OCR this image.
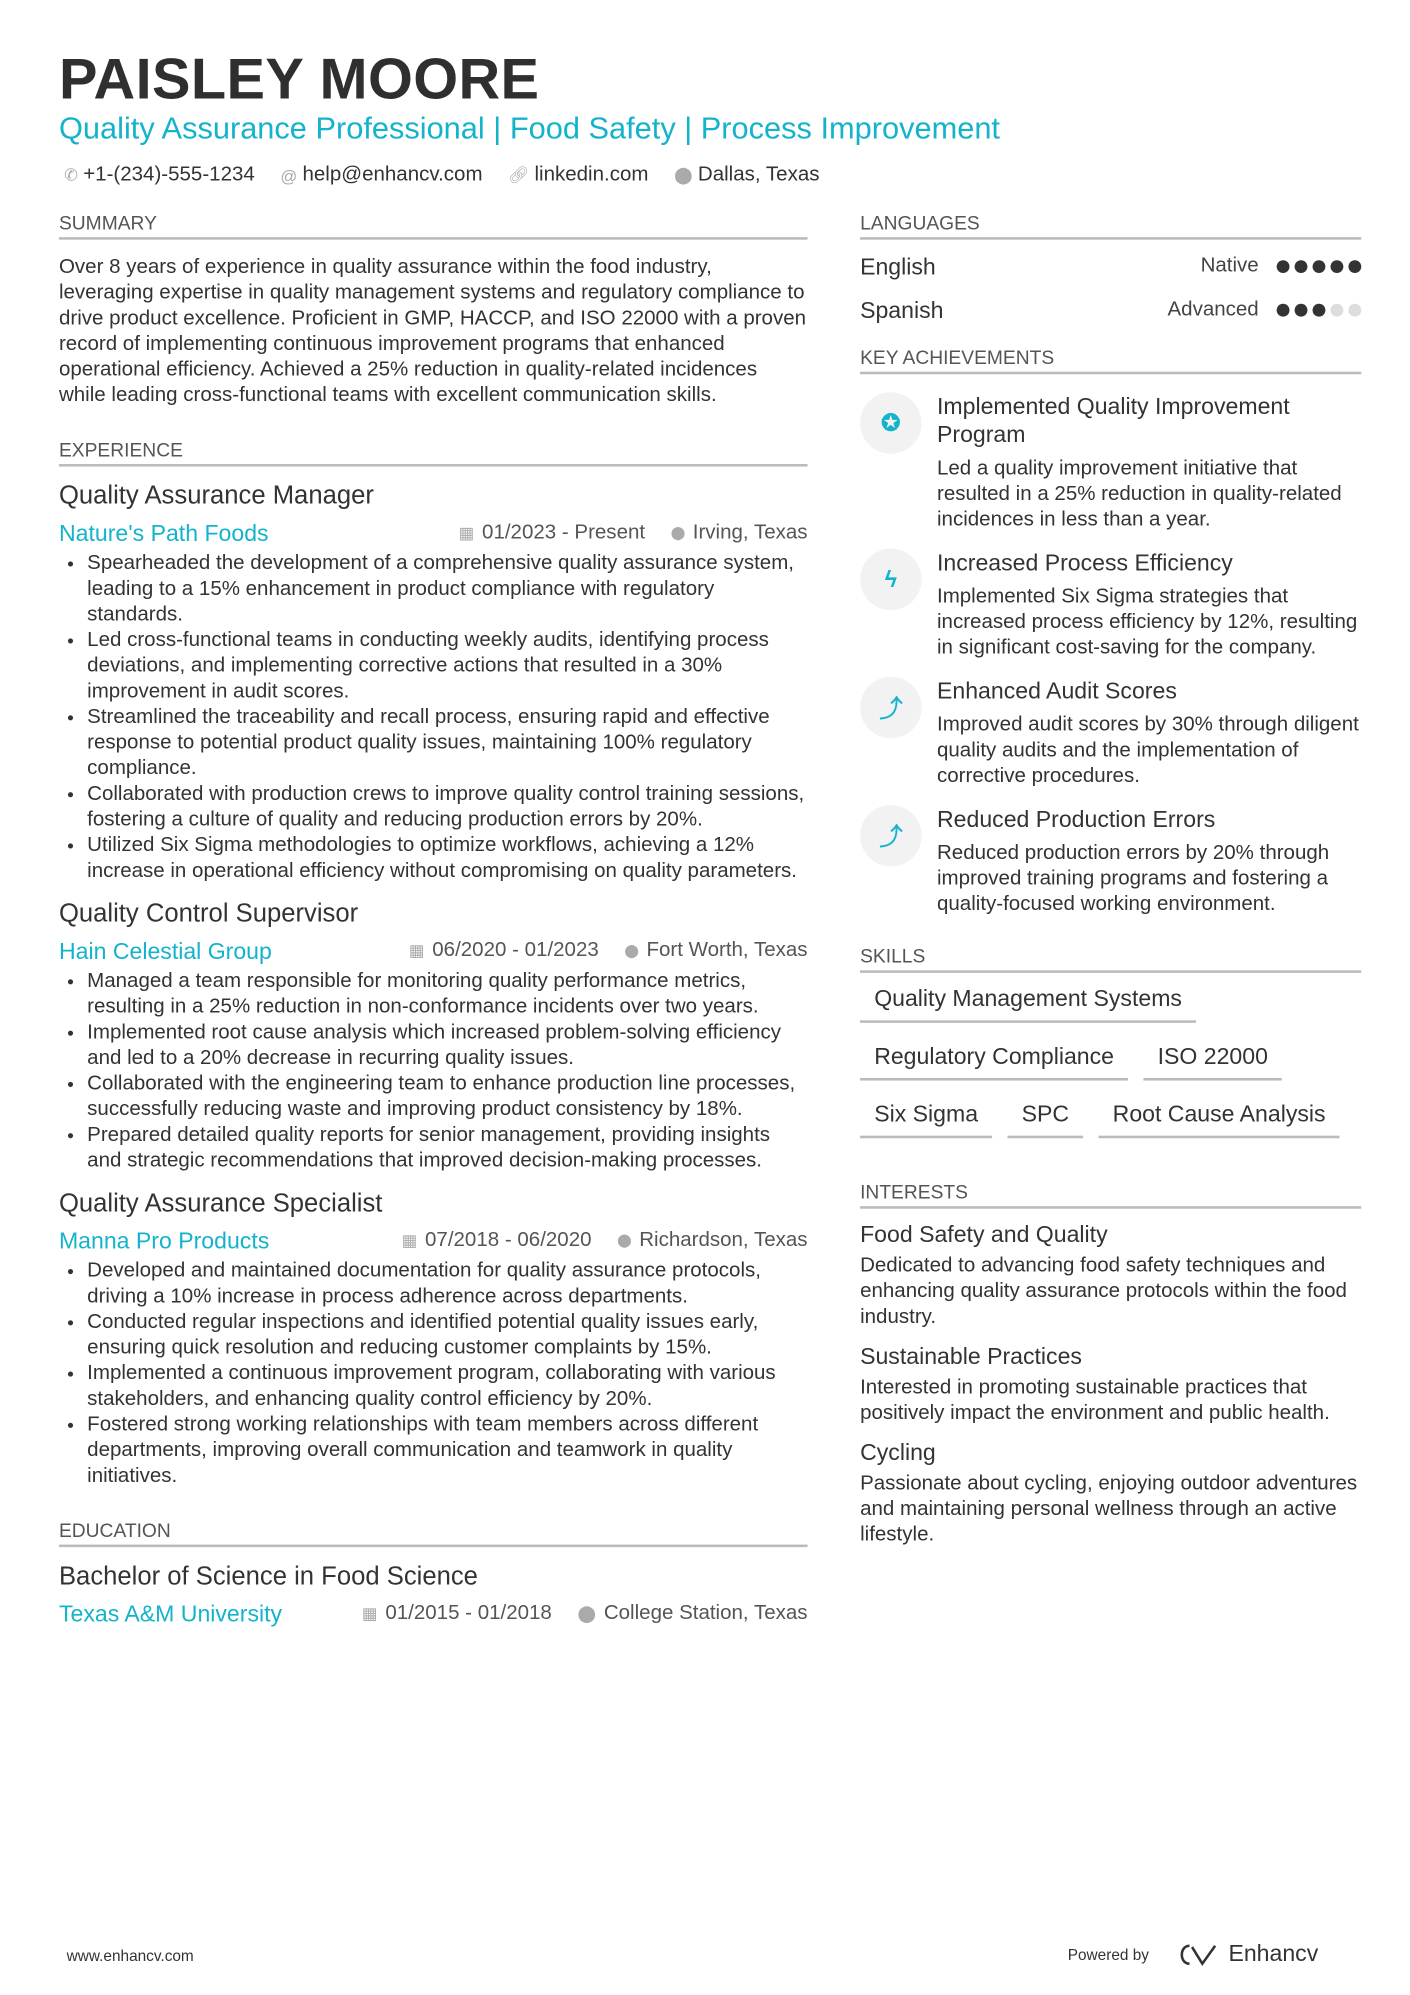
PAISLEY MOORE
Quality Assurance Professional | Food Safety | Process Improvement
✆ +1-(234)-555-1234 @ help@enhancv.com 🔗︎ linkedin.com ⬤ Dallas, Texas
SUMMARY

Over 8 years of experience in quality assurance within the food industry, leveraging expertise in quality management systems and regulatory compliance to drive product excellence. Proficient in GMP, HACCP, and ISO 22000 with a proven record of implementing continuous improvement programs that enhanced operational efficiency. Achieved a 25% reduction in quality-related incidences while leading cross-functional teams with excellent communication skills.

EXPERIENCE
Quality Assurance Manager
Nature's Path Foods	▦ 01/2023 - Present	⬤ Irving, Texas
• Spearheaded the development of a comprehensive quality assurance system, leading to a 15% enhancement in product compliance with regulatory standards.
• Led cross-functional teams in conducting weekly audits, identifying process deviations, and implementing corrective actions that resulted in a 30% improvement in audit scores.
• Streamlined the traceability and recall process, ensuring rapid and effective response to potential product quality issues, maintaining 100% regulatory compliance.
• Collaborated with production crews to improve quality control training sessions, fostering a culture of quality and reducing production errors by 20%.
• Utilized Six Sigma methodologies to optimize workflows, achieving a 12% increase in operational efficiency without compromising on quality parameters.
Quality Control Supervisor
Hain Celestial Group	▦ 06/2020 - 01/2023	⬤ Fort Worth, Texas
• Managed a team responsible for monitoring quality performance metrics, resulting in a 25% reduction in non-conformance incidents over two years.
• Implemented root cause analysis which increased problem-solving efficiency and led to a 20% decrease in recurring quality issues.
• Collaborated with the engineering team to enhance production line processes, successfully reducing waste and improving product consistency by 18%.
• Prepared detailed quality reports for senior management, providing insights and strategic recommendations that improved decision-making processes.
Quality Assurance Specialist
Manna Pro Products	▦ 07/2018 - 06/2020	⬤ Richardson, Texas
• Developed and maintained documentation for quality assurance protocols, driving a 10% increase in process adherence across departments.
• Conducted regular inspections and identified potential quality issues early, ensuring quick resolution and reducing customer complaints by 15%.
• Implemented a continuous improvement program, collaborating with various stakeholders, and enhancing quality control efficiency by 20%.
• Fostered strong working relationships with team members across different departments, improving overall communication and teamwork in quality initiatives.
EDUCATION
Bachelor of Science in Food Science
Texas A&M University	▦ 01/2015 - 01/2018 ⬤ College Station, Texas
LANGUAGES
English	Native
Spanish	Advanced
KEY ACHIEVEMENTS
✪
Implemented Quality Improvement Program

Led a quality improvement initiative that resulted in a 25% reduction in quality-related incidences in less than a year.

ϟ
Increased Process Efficiency

Implemented Six Sigma strategies that increased process efficiency by 12%, resulting in significant cost-saving for the company.

⤴
Enhanced Audit Scores

Improved audit scores by 30% through diligent quality audits and the implementation of corrective procedures.

⤴
Reduced Production Errors

Reduced production errors by 20% through improved training programs and fostering a quality-focused working environment.

SKILLS
Quality Management Systems
Regulatory Compliance	ISO 22000
Six Sigma	SPC	Root Cause Analysis
INTERESTS
Food Safety and Quality

Dedicated to advancing food safety techniques and enhancing quality assurance protocols within the food industry.

Sustainable Practices

Interested in promoting sustainable practices that positively impact the environment and public health.

Cycling

Passionate about cycling, enjoying outdoor adventures and maintaining personal wellness through an active lifestyle.

www.enhancv.com	Powered by	Enhancv
